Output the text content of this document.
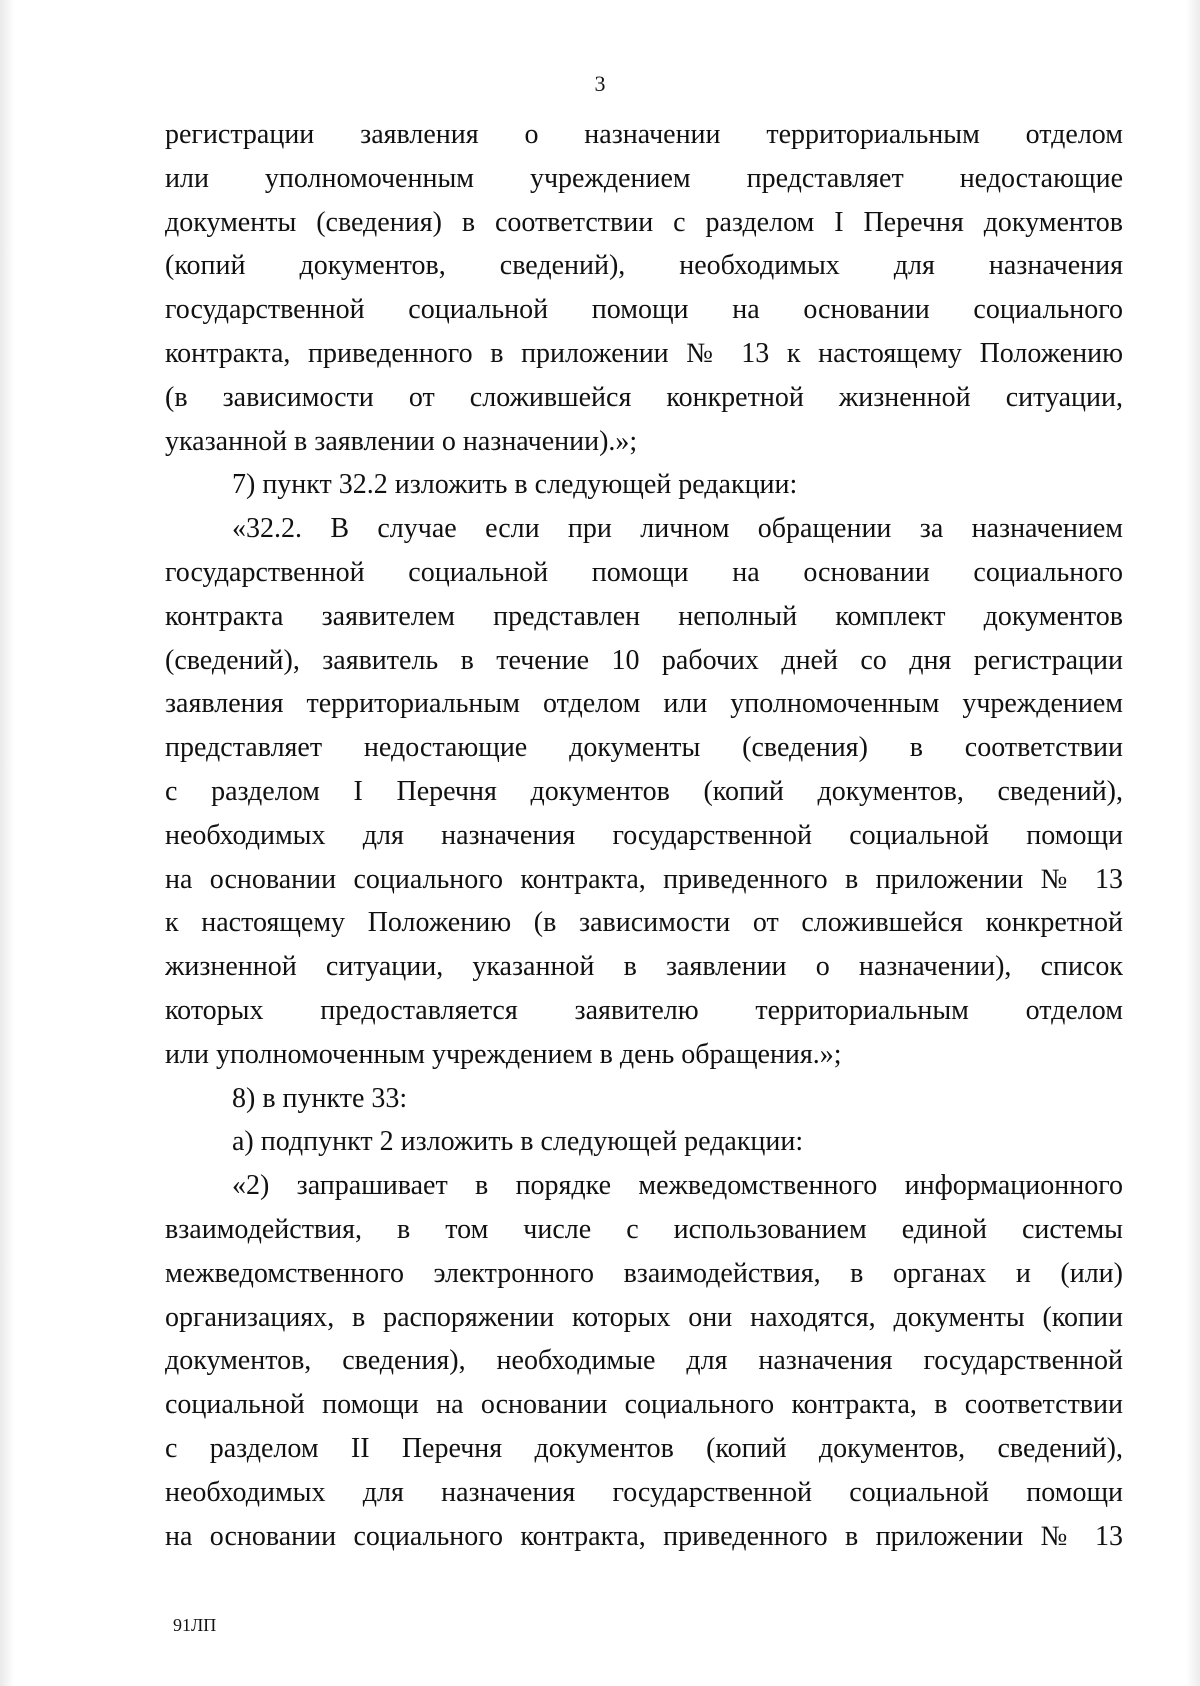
3
регистрации заявления о назначении территориальным отделом
или уполномоченным учреждением представляет недостающие
документы (сведения) в соответствии с разделом I Перечня документов
(копий документов, сведений), необходимых для назначения
государственной социальной помощи на основании социального
контракта, приведенного в приложении № 13 к настоящему Положению
(в зависимости от сложившейся конкретной жизненной ситуации,
указанной в заявлении о назначении).»;
7) пункт 32.2 изложить в следующей редакции:
«32.2. В случае если при личном обращении за назначением
государственной социальной помощи на основании социального
контракта заявителем представлен неполный комплект документов
(сведений), заявитель в течение 10 рабочих дней со дня регистрации
заявления территориальным отделом или уполномоченным учреждением
представляет недостающие документы (сведения) в соответствии
с разделом I Перечня документов (копий документов, сведений),
необходимых для назначения государственной социальной помощи
на основании социального контракта, приведенного в приложении № 13
к настоящему Положению (в зависимости от сложившейся конкретной
жизненной ситуации, указанной в заявлении о назначении), список
которых предоставляется заявителю территориальным отделом
или уполномоченным учреждением в день обращения.»;
8) в пункте 33:
а) подпункт 2 изложить в следующей редакции:
«2) запрашивает в порядке межведомственного информационного
взаимодействия, в том числе с использованием единой системы
межведомственного электронного взаимодействия, в органах и (или)
организациях, в распоряжении которых они находятся, документы (копии
документов, сведения), необходимые для назначения государственной
социальной помощи на основании социального контракта, в соответствии
с разделом II Перечня документов (копий документов, сведений),
необходимых для назначения государственной социальной помощи
на основании социального контракта, приведенного в приложении № 13
91ЛП
